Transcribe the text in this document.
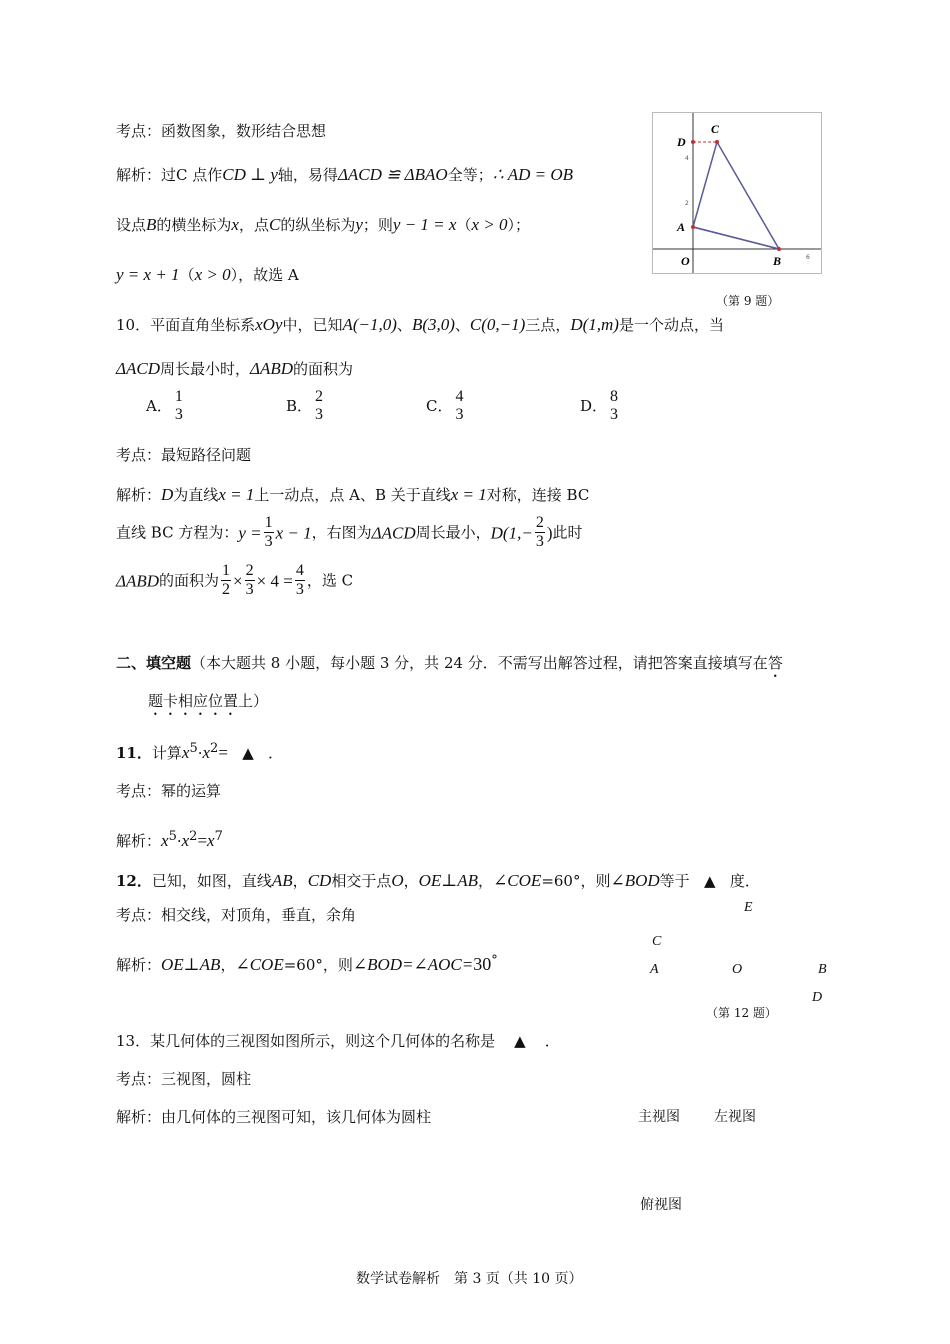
考点：函数图象，数形结合思想
解析：过C 点作CD ⊥ y轴，易得ΔACD ≌ ΔBAO全等；∴ AD = OB
设点B的横坐标为x，点C的纵坐标为y；则y − 1 = x（x > 0）；
y = x + 1（x > 0），故选 A
D
C
A
O	B
4
2
6
（第 9 题）
10．平面直角坐标系xOy中，已知A(−1,0)、B(3,0)、C(0,−1)三点，D(1,m)是一个动点，当
ΔACD周长最小时，ΔABD的面积为
A．
1
3	B．
2
3	C．
4
3	D．
8
3
考点：最短路径问题
解析：D为直线x = 1上一动点，点 A、B 关于直线x = 1对称，连接 BC
直线 BC 方程为：$y = \frac{1}{3}$ x − 1，右图为ΔACD周长最小，$D(1,- \frac{2}{3}$ )此时
ΔABD的面积为 $\frac{1}{2} \times \frac{2}{3} \times 4 = \frac{4}{3}$ ，选 C
二、填空题（本大题共 8 小题，每小题 3 分，共 24 分．不需写出解答过程，请把答案直接填写在答
题卡相应位置上）
11．计算$x^5\cdot x^2=$ ▲ ．
考点：幂的运算
解析：$x^5\cdot x^2=x^7$
12．已知，如图，直线AB，CD相交于点O，OE⊥AB，∠COE=60°，则∠BOD等于 ▲ 度．
考点：相交线，对顶角，垂直，余角
解析：OE⊥AB，∠COE=60°，则∠BOD=∠AOC=30°
E
C
A	O	B
D
（第 12 题）
13．某几何体的三视图如图所示，则这个几何体的名称是 ▲ ．
考点：三视图，圆柱
解析：由几何体的三视图可知，该几何体为圆柱	主视图 左视图
俯视图
数学试卷解析　第 3 页（共 10 页）
